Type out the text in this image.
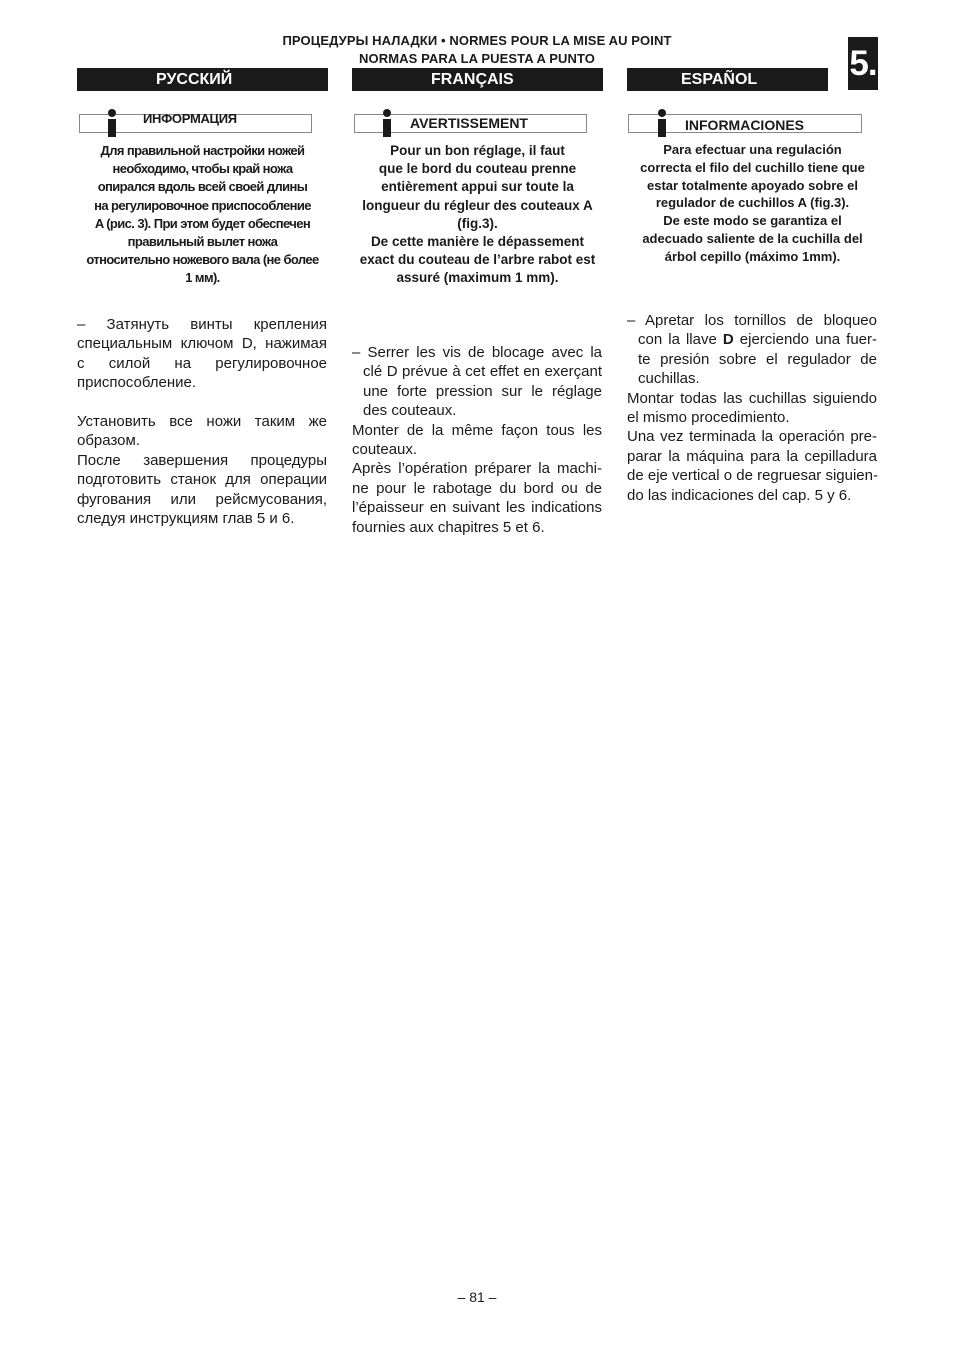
ПРОЦЕДУРЫ НАЛАДКИ • NORMES POUR LA MISE AU POINT
NORMAS PARA LA PUESTA A PUNTO	5.
РУССКИЙ	FRANÇAIS	ESPAÑOL
ИНФОРМАЦИЯ
Для правильной настройки ножей
необходимо, чтобы край ножа
опирался вдоль всей своей длины
на регулировочное приспособление
A (рис. 3). При этом будет обеспечен
правильный вылет ножа
относительно ножевого вала (не более
1 мм).
AVERTISSEMENT
Pour un bon réglage, il faut
que le bord du couteau prenne
entièrement appui sur toute la
longueur du régleur des couteaux A
(fig.3).
De cette manière le dépassement
exact du couteau de l’arbre rabot est
assuré (maximum 1 mm).
INFORMACIONES
Para efectuar una regulación
correcta el filo del cuchillo tiene que
estar totalmente apoyado sobre el
regulador de cuchillos A (fig.3).
De este modo se garantiza el
adecuado saliente de la cuchilla del
árbol cepillo (máximo 1mm).
– Затянуть винты крепления
специальным ключом D, нажимая
с силой на регулировочное
приспособление.

Установить все ножи таким же
образом.
После завершения процедуры
подготовить станок для операции
фугования или рейсмусования,
следуя инструкциям глав 5 и 6.
– Serrer les vis de blocage avec la
clé D prévue à cet effet en exerçant
une forte pression sur le réglage
des couteaux.
Monter de la même façon tous les
couteaux.
Après l’opération préparer la machi-
ne pour le rabotage du bord ou de
l’épaisseur en suivant les indications
fournies aux chapitres 5 et 6.
– Apretar los tornillos de bloqueo
con la llave D ejerciendo una fuer-
te presión sobre el regulador de
cuchillas.
Montar todas las cuchillas siguiendo
el mismo procedimiento.
Una vez terminada la operación pre-
parar la máquina para la cepilladura
de eje vertical o de regruesar siguien-
do las indicaciones del cap. 5 y 6.
– 81 –
